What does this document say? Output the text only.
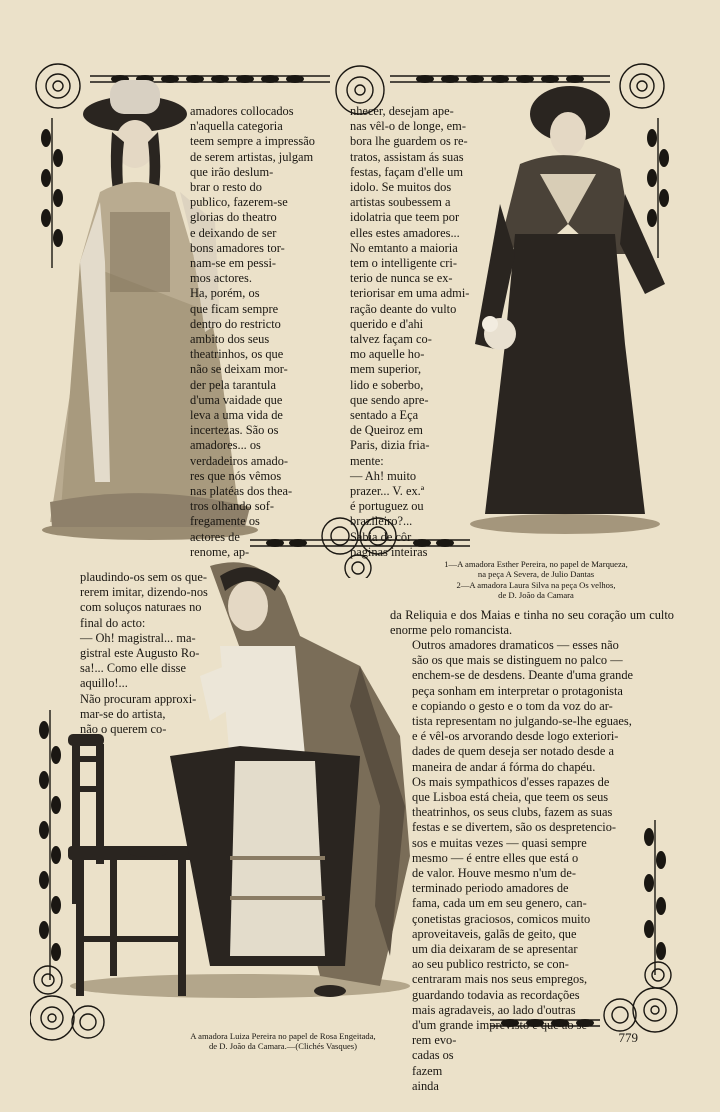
amadores collocados
n'aquella categoria
teem sempre a impressão
de serem artistas, julgam
que irão deslum-
brar o resto do
publico, fazerem-se
glorias do theatro
e deixando de ser
bons amadores tor-
nam-se em pessi-
mos actores.
Ha, porém, os
que ficam sempre
dentro do restricto
ambito dos seus
theatrinhos, os que
não se deixam mor-
der pela tarantula
d'uma vaidade que
leva a uma vida de
incertezas. São os
amadores... os
verdadeiros amado-
res que nós vêmos
nas platéas dos thea-
tros olhando sof-
fregamente os
actores de
renome, ap-
nhecer, desejam ape-
nas vêl-o de longe, em-
bora lhe guardem os re-
tratos, assistam ás suas
festas, façam d'elle um
idolo. Se muitos dos
artistas soubessem a
idolatria que teem por
elles estes amadores...
No emtanto a maioria
tem o intelligente cri-
terio de nunca se ex-
teriorisar em uma admi-
ração deante do vulto
querido e d'ahi
talvez façam co-
mo aquelle ho-
mem superior,
lido e soberbo,
que sendo apre-
sentado a Eça
de Queiroz em
Paris, dizia fria-
mente:
— Ah! muito
prazer... V. ex.ª
é portuguez ou
brazileiro?...
Sabia de côr
paginas inteiras
1—A amadora Esther Pereira, no papel de Marqueza,
na peça A Severa, de Julio Dantas
2—A amadora Laura Silva na peça Os velhos,
de D. João da Camara
plaudindo-os sem os que-
rerem imitar, dizendo-nos
com soluços naturaes no
final do acto:
— Oh! magistral... ma-
gistral este Augusto Ro-
sa!... Como elle disse
aquillo!...
Não procuram approxi-
mar-se do artista,
não o querem co-

da Reliquia e dos Maias e tinha no seu coração um culto enorme pelo romancista.

Outros amadores dramaticos — esses não
são os que mais se distinguem no palco —
enchem-se de desdens. Deante d'uma grande
peça sonham em interpretar o protagonista
e copiando o gesto e o tom da voz do ar-
tista representam no julgando-se-lhe eguaes,
e é vêl-os arvorando desde logo exteriori-
dades de quem deseja ser notado desde a
maneira de andar á fórma do chapéu.
Os mais sympathicos d'esses rapazes de
que Lisboa está cheia, que teem os seus
theatrinhos, os seus clubs, fazem as suas
festas e se divertem, são os despretencio-
sos e muitas vezes — quasi sempre
mesmo — é entre elles que está o
de valor. Houve mesmo n'um de-
terminado periodo amadores de
fama, cada um em seu genero, can-
çonetistas graciosos, comicos muito
aproveitaveis, galãs de geito, que
um dia deixaram de se apresentar
ao seu publico restricto, se con-
centraram mais nos seus empregos,
guardando todavia as recordações
mais agradaveis, ao lado d'outras
d'um grande imprevisto e que ao se-
rem evo-
cadas os
fazem
ainda
A amadora Luiza Pereira no papel de Rosa Engeitada,
de D. João da Camara.—(Clichés Vasques)
779
